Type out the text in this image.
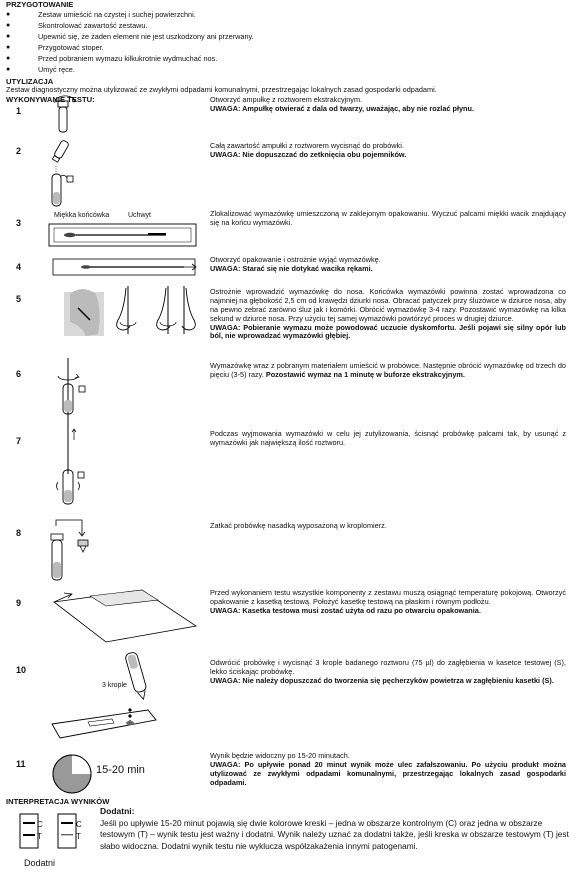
PRZYGOTOWANIE
●	Zestaw umieścić na czystej i suchej powierzchni.
●	Skontrolować zawartość zestawu.
●	Upewnić się, że żaden element nie jest uszkodzony ani przerwany.
●	Przygotować stoper.
●	Przed pobraniem wymazu kilkukrotnie wydmuchać nos.
●	Umyć ręce.
UTYLIZACJA
Zestaw diagnostyczny można utylizować ze zwykłymi odpadami komunalnymi, przestrzegając lokalnych zasad gospodarki odpadami.
WYKONYWANIE TESTU:
1
Otworzyć ampułkę z roztworem ekstrakcyjnym.
UWAGA: Ampułkę otwierać z dala od twarzy, uważając, aby nie rozlać płynu.
2
Całą zawartość ampułki z roztworem wycisnąć do probówki.
UWAGA: Nie dopuszczać do zetknięcia obu pojemników.
3
Miękka końcówka	Uchwyt	Zlokalizować wymazówkę umieszczoną w zaklejonym opakowaniu. Wyczuć palcami miękki wacik znajdujący się na końcu wymazówki.
4
Otworzyć opakowanie i ostrożnie wyjąć wymazówkę.
UWAGA: Starać się nie dotykać wacika rękami.
5
Ostrożnie wprowadzić wymazówkę do nosa. Końcówka wymazówki powinna zostać wprowadzona co najmniej na głębokość 2,5 cm od krawędzi dziurki nosa. Obracać patyczek przy śluzówce w dziurce nosa, aby na pewno zebrać zarówno śluz jak i komórki. Obrócić wymazówkę 3-4 razy. Pozostawić wymazówkę na kilka sekund w dziurce nosa. Przy użyciu tej samej wymazówki powtórzyć proces w drugiej dziurce.
UWAGA: Pobieranie wymazu może powodować uczucie dyskomfortu. Jeśli pojawi się silny opór lub ból, nie wprowadzać wymazówki głębiej.
6
Wymazówkę wraz z pobranym materiałem umieścić w probówce. Następnie obrócić wymazówkę od trzech do pięciu (3-5) razy. Pozostawić wymaz na 1 minutę w buforze ekstrakcyjnym.
7
Podczas wyjmowania wymazówki w celu jej zutylizowania, ścisnąć probówkę palcami tak, by usunąć z wymazówki jak największą ilość roztworu.
8
Zatkać probówkę nasadką wyposażoną w kroplomierz.
9
Przed wykonaniem testu wszystkie komponenty z zestawu muszą osiągnąć temperaturę pokojową. Otworzyć opakowanie z kasetką testową. Położyć kasetkę testową na płaskim i równym podłożu.
UWAGA: Kasetka testowa musi zostać użyta od razu po otwarciu opakowania.
10
3 krople
Odwrócić probówkę i wycisnąć 3 krople badanego roztworu (75 µl) do zagłębienia w kasetce testowej (S), lekko ściskając probówkę.
UWAGA: Nie należy dopuszczać do tworzenia się pęcherzyków powietrza w zagłębieniu kasetki (S).
11	15-20 min
Wynik będzie widoczny po 15-20 minutach.
UWAGA: Po upływie ponad 20 minut wynik może ulec zafałszowaniu. Po użyciu produkt można utylizować ze zwykłymi odpadami komunalnymi, przestrzegając lokalnych zasad gospodarki odpadami.
INTERPRETACJA WYNIKÓW
Dodatni:
Jeśli po upływie 15-20 minut pojawią się dwie kolorowe kreski – jedna w obszarze kontrolnym (C) oraz jedna w obszarze testowym (T) – wynik testu jest ważny i dodatni. Wynik należy uznać za dodatni także, jeśli kreska w obszarze testowym (T) jest słabo widoczna. Dodatni wynik testu nie wyklucza współzakażenia innymi patogenami.
C
T
C
T
Dodatni
